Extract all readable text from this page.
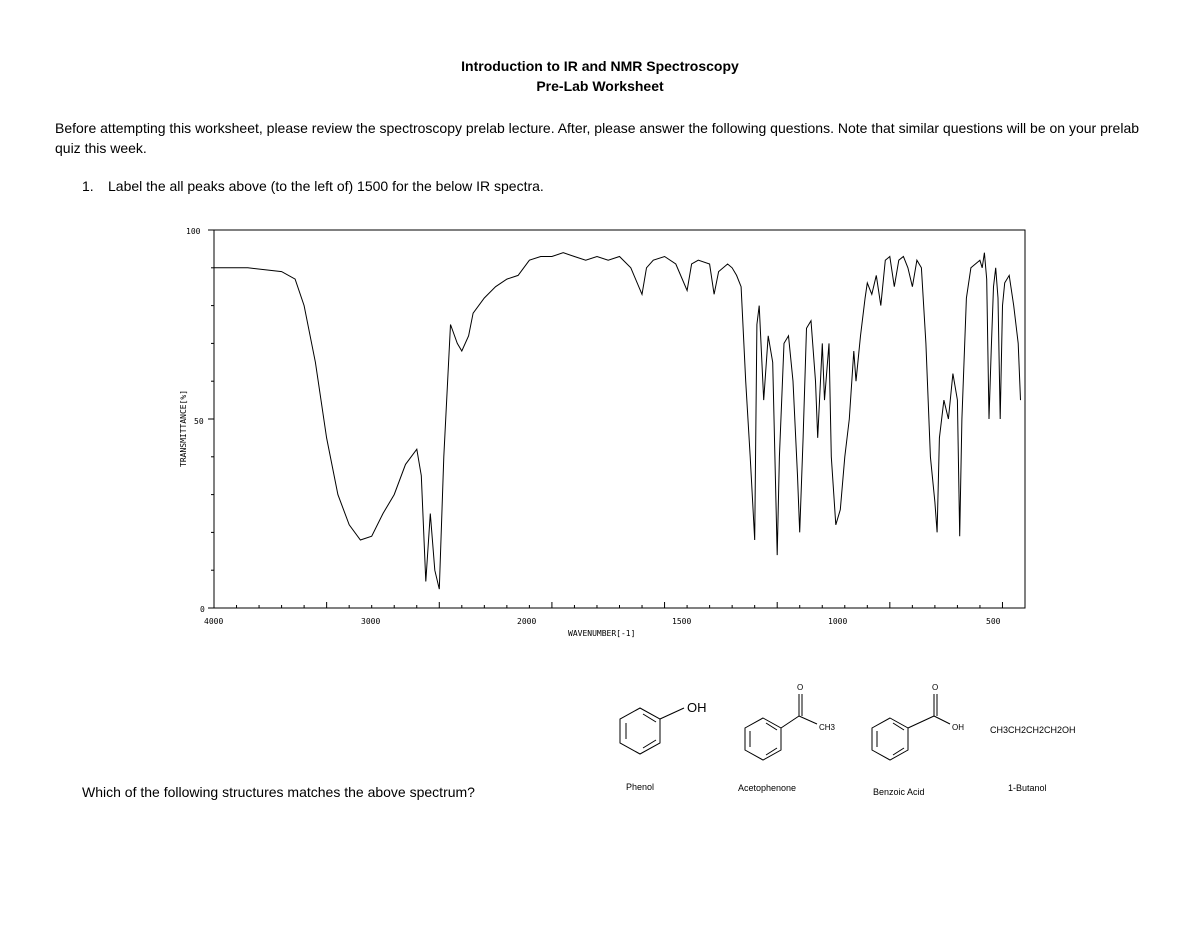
Introduction to IR and NMR Spectroscopy
Pre-Lab Worksheet
Before attempting this worksheet, please review the spectroscopy prelab lecture. After, please answer the following questions. Note that similar questions will be on your prelab quiz this week.
1. Label the all peaks above (to the left of) 1500 for the below IR spectra.
100
50
0
4000	3000	2000	1500	1000	500
WAVENUMBER[-1]
TRANSMITTANCE[%]
OH
Phenol
O
CH3
Acetophenone
O
OH
Benzoic Acid
CH3CH2CH2CH2OH
1-Butanol
Which of the following structures matches the above spectrum?
